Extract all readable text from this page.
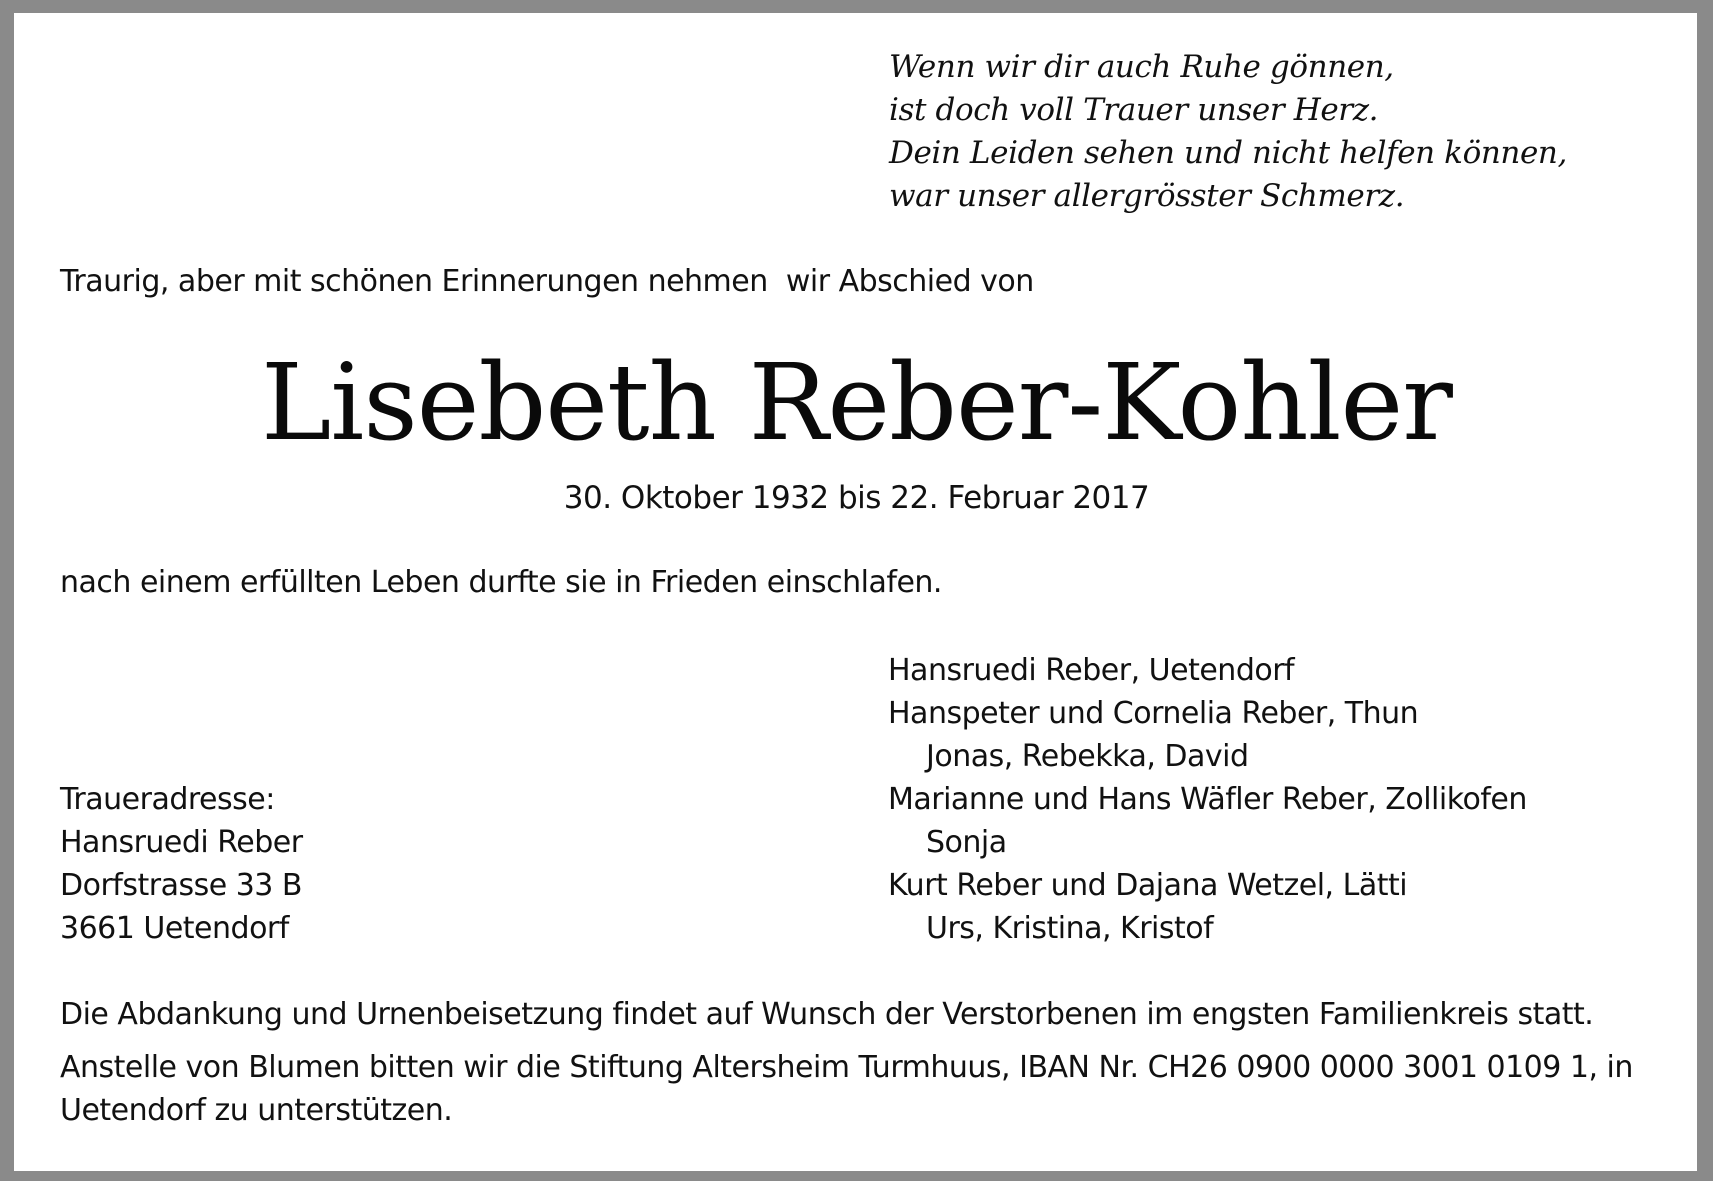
Wenn wir dir auch Ruhe gönnen,
ist doch voll Trauer unser Herz.
Dein Leiden sehen und nicht helfen können,
war unser allergrösster Schmerz.
Traurig, aber mit schönen Erinnerungen nehmen  wir Abschied von
Lisebeth Reber-Kohler
30. Oktober 1932 bis 22. Februar 2017
nach einem erfüllten Leben durfte sie in Frieden einschlafen.
Traueradresse:
Hansruedi Reber
Dorfstrasse 33 B
3661 Uetendorf
Hansruedi Reber, Uetendorf
Hanspeter und Cornelia Reber, Thun
Jonas, Rebekka, David
Marianne und Hans Wäfler Reber, Zollikofen
Sonja
Kurt Reber und Dajana Wetzel, Lätti
Urs, Kristina, Kristof

Die Abdankung und Urnenbeisetzung findet auf Wunsch der Verstorbenen im engsten Familienkreis statt.

Anstelle von Blumen bitten wir die Stiftung Altersheim Turmhuus, IBAN Nr. CH26 0900 0000 3001 0109 1, in Uetendorf zu unterstützen.
